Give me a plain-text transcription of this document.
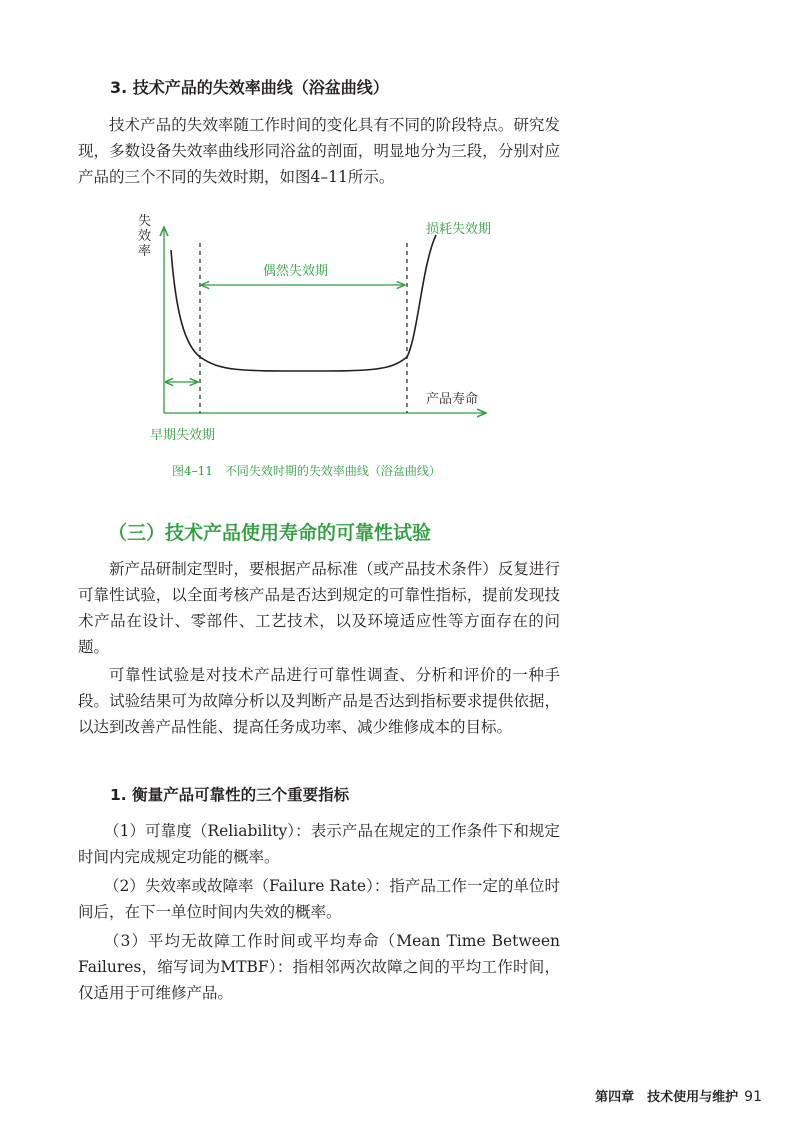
3. 技术产品的失效率曲线（浴盆曲线）

技术产品的失效率随工作时间的变化具有不同的阶段特点。研究发现，多数设备失效率曲线形同浴盆的剖面，明显地分为三段，分别对应产品的三个不同的失效时期，如图4–11所示。

失效率
偶然失效期
损耗失效期
产品寿命
早期失效期
图4–11　不同失效时期的失效率曲线（浴盆曲线）
（三）技术产品使用寿命的可靠性试验

新产品研制定型时，要根据产品标准（或产品技术条件）反复进行可靠性试验，以全面考核产品是否达到规定的可靠性指标，提前发现技术产品在设计、零部件、工艺技术，以及环境适应性等方面存在的问题。

可靠性试验是对技术产品进行可靠性调查、分析和评价的一种手段。试验结果可为故障分析以及判断产品是否达到指标要求提供依据，以达到改善产品性能、提高任务成功率、减少维修成本的目标。

1. 衡量产品可靠性的三个重要指标

（1）可靠度（Reliability）：表示产品在规定的工作条件下和规定时间内完成规定功能的概率。

（2）失效率或故障率（Failure Rate）：指产品工作一定的单位时间后，在下一单位时间内失效的概率。

（3）平均无故障工作时间或平均寿命（Mean Time Between Failures，缩写词为MTBF）：指相邻两次故障之间的平均工作时间，仅适用于可维修产品。

第四章　技术使用与维护 91
